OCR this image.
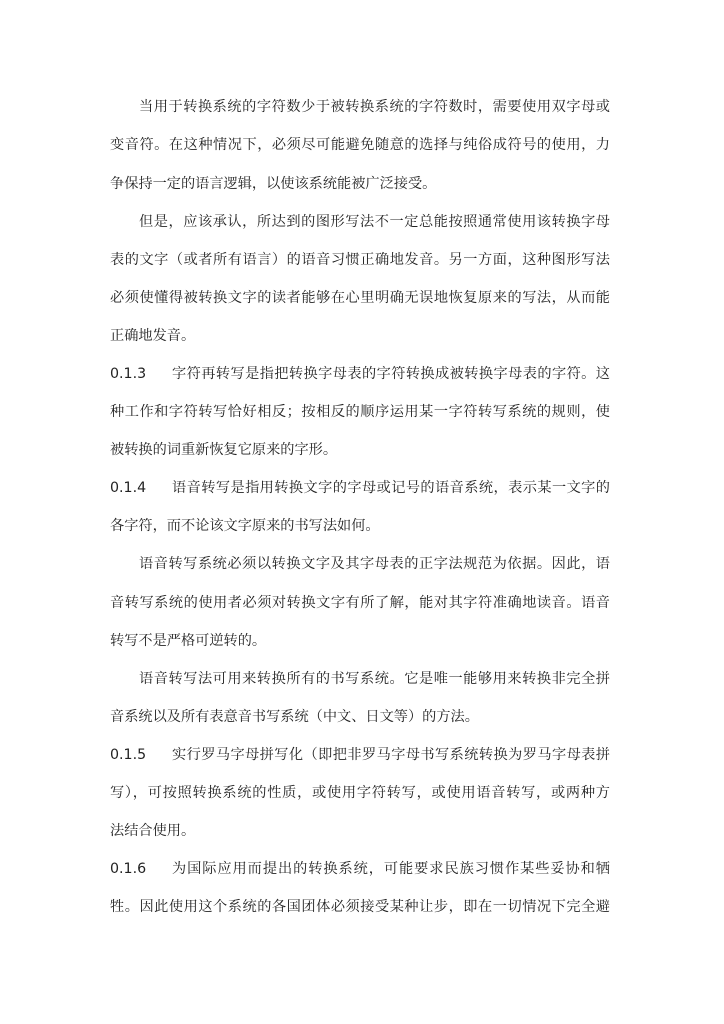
当用于转换系统的字符数少于被转换系统的字符数时，需要使用双字母或
变音符。在这种情况下，必须尽可能避免随意的选择与纯俗成符号的使用，力
争保持一定的语言逻辑，以使该系统能被广泛接受。
但是，应该承认，所达到的图形写法不一定总能按照通常使用该转换字母
表的文字（或者所有语言）的语音习惯正确地发音。另一方面，这种图形写法
必须使懂得被转换文字的读者能够在心里明确无误地恢复原来的写法，从而能
正确地发音。
0.1.3	字符再转写是指把转换字母表的字符转换成被转换字母表的字符。这
种工作和字符转写恰好相反；按相反的顺序运用某一字符转写系统的规则，使
被转换的词重新恢复它原来的字形。
0.1.4	语音转写是指用转换文字的字母或记号的语音系统，表示某一文字的
各字符，而不论该文字原来的书写法如何。
语音转写系统必须以转换文字及其字母表的正字法规范为依据。因此，语
音转写系统的使用者必须对转换文字有所了解，能对其字符准确地读音。语音
转写不是严格可逆转的。
语音转写法可用来转换所有的书写系统。它是唯一能够用来转换非完全拼
音系统以及所有表意音书写系统（中文、日文等）的方法。
0.1.5	实行罗马字母拼写化（即把非罗马字母书写系统转换为罗马字母表拼
写），可按照转换系统的性质，或使用字符转写，或使用语音转写，或两种方
法结合使用。
0.1.6	为国际应用而提出的转换系统，可能要求民族习惯作某些妥协和牺
牲。因此使用这个系统的各国团体必须接受某种让步，即在一切情况下完全避
